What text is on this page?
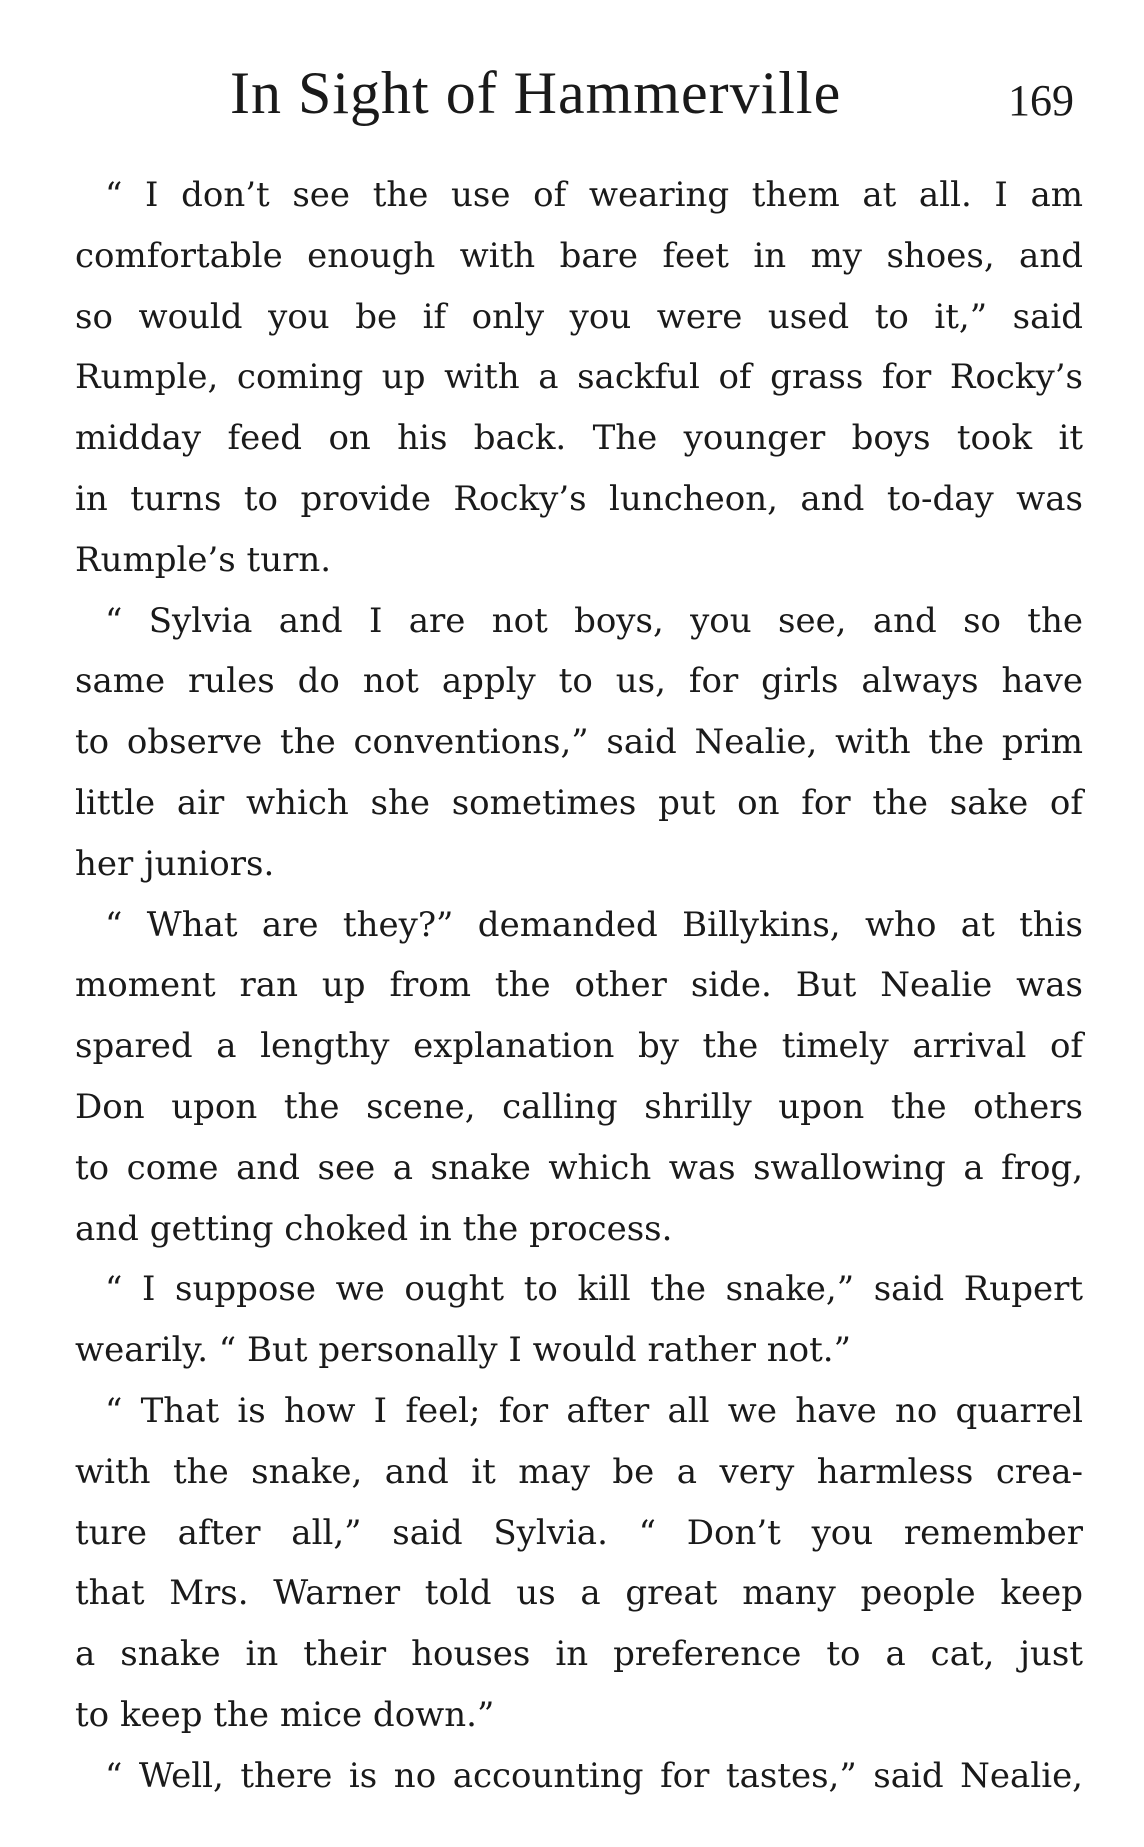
In Sight of Hammerville	169
“ I don’t see the use of wearing them at all. I am
comfortable enough with bare feet in my shoes, and
so would you be if only you were used to it,” said
Rumple, coming up with a sackful of grass for Rocky’s
midday feed on his back. The younger boys took it
in turns to provide Rocky’s luncheon, and to-day was
Rumple’s turn.
“ Sylvia and I are not boys, you see, and so the
same rules do not apply to us, for girls always have
to observe the conventions,” said Nealie, with the prim
little air which she sometimes put on for the sake of
her juniors.
“ What are they?” demanded Billykins, who at this
moment ran up from the other side. But Nealie was
spared a lengthy explanation by the timely arrival of
Don upon the scene, calling shrilly upon the others
to come and see a snake which was swallowing a frog,
and getting choked in the process.
“ I suppose we ought to kill the snake,” said Rupert
wearily. “ But personally I would rather not.”
“ That is how I feel; for after all we have no quarrel
with the snake, and it may be a very harmless crea-
ture after all,” said Sylvia. “ Don’t you remember
that Mrs. Warner told us a great many people keep
a snake in their houses in preference to a cat, just
to keep the mice down.”
“ Well, there is no accounting for tastes,” said Nealie,
